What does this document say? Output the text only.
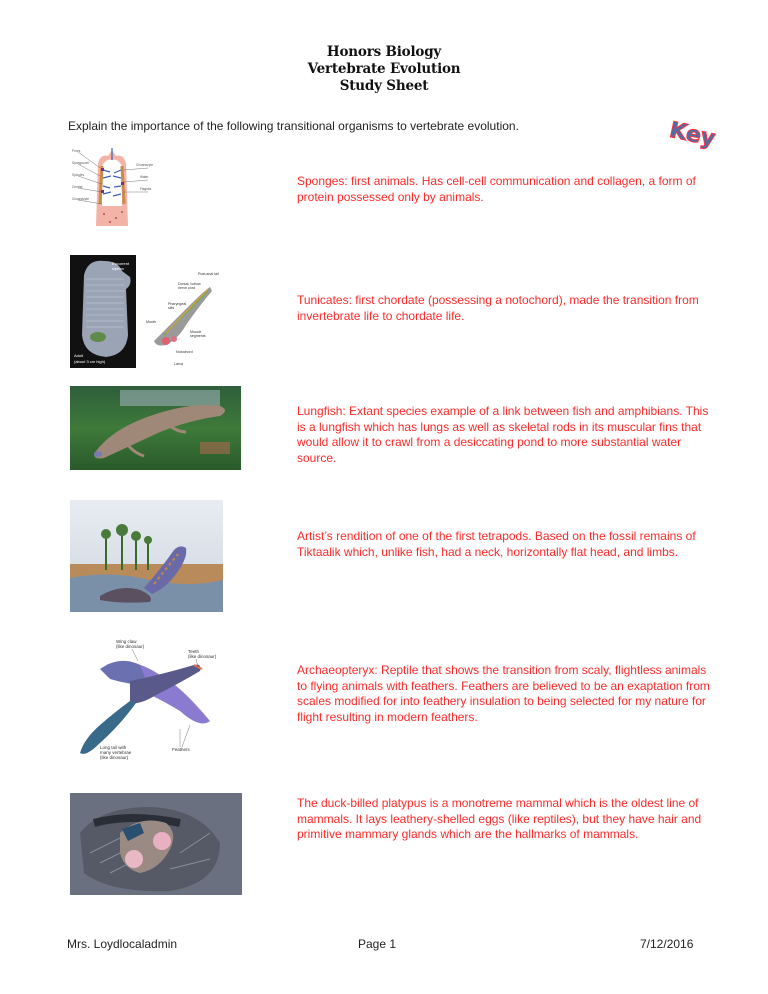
Honors Biology
Vertebrate Evolution
Study Sheet
Explain the importance of the following transitional organisms to vertebrate evolution.	Key
Pores
Spongocoel
Spicules
Central
Choanocyte
Choanocyte
Water
Flagella
Sponges: first animals. Has cell-cell communication and collagen, a form of protein possessed only by animals.
Adult
(about 3 cm high)
Excurrent
siphon
Post-anal tail
Dorsal, hollow
nerve cord
Pharyngeal
slits
Mouth
Muscle
segments
Notochord
Larva
Tunicates: first chordate (possessing a notochord), made the transition from invertebrate life to chordate life.
Lungfish: Extant species example of a link between fish and amphibians. This is a lungfish which has lungs as well as skeletal rods in its muscular fins that would allow it to crawl from a desiccating pond to more substantial water source.
Artist’s rendition of one of the first tetrapods. Based on the fossil remains of Tiktaalik which, unlike fish, had a neck, horizontally flat head, and limbs.
Wing claw
(like dinosaur)
Teeth
(like dinosaur)
Long tail with
many vertebrae
(like dinosaur)
Feathers
Archaeopteryx: Reptile that shows the transition from scaly, flightless animals to flying animals with feathers. Feathers are believed to be an exaptation from scales modified for into feathery insulation to being selected for my nature for flight resulting in modern feathers.
The duck-billed platypus is a monotreme mammal which is the oldest line of mammals. It lays leathery-shelled eggs (like reptiles), but they have hair and primitive mammary glands which are the hallmarks of mammals.
Mrs. Loydlocaladmin	Page 1	7/12/2016
